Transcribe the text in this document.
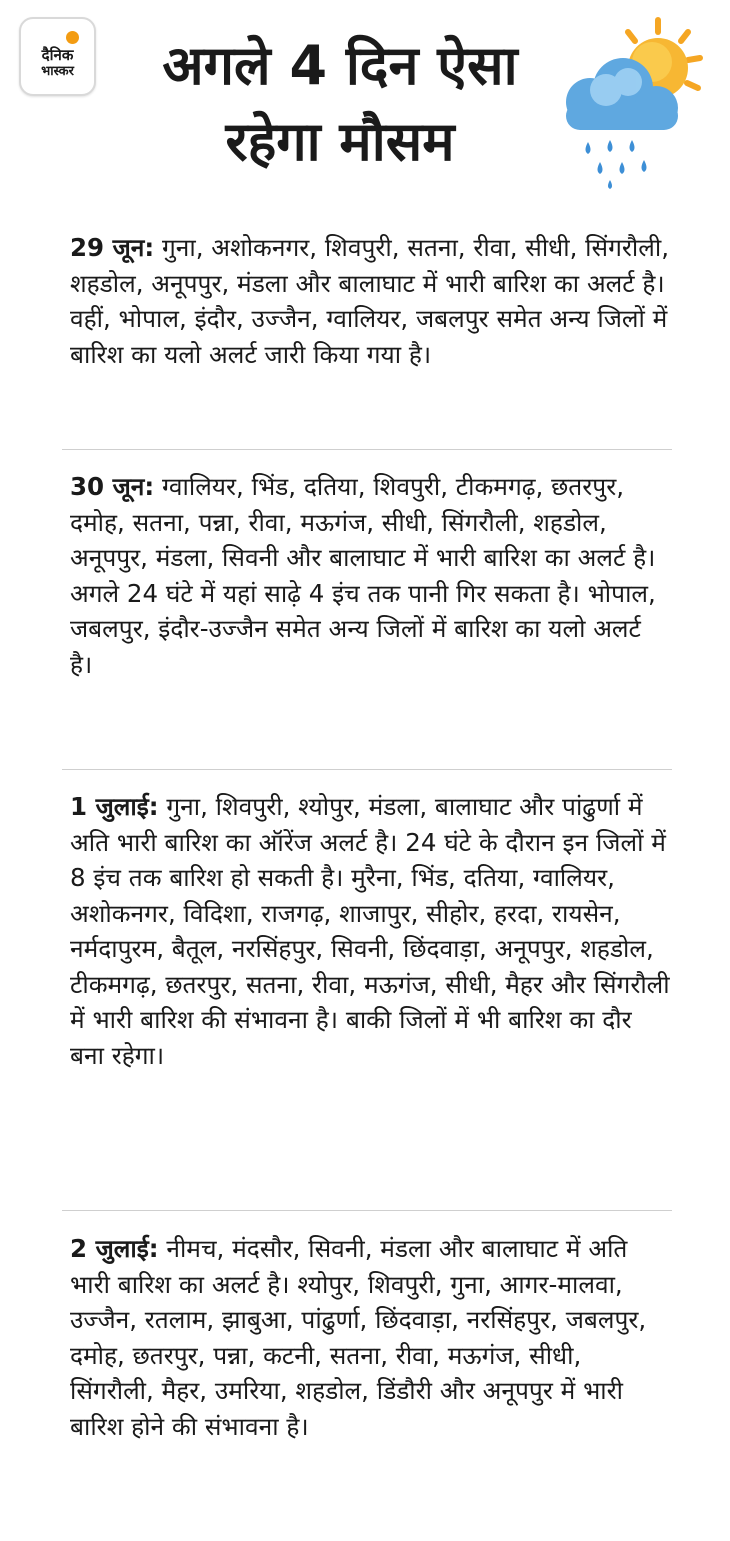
दैनिक
भास्कर	अगले 4 दिन ऐसा रहेगा मौसम

29 जून: गुना, अशोकनगर, शिवपुरी, सतना, रीवा, सीधी, सिंगरौली, शहडोल, अनूपपुर, मंडला और बालाघाट में भारी बारिश का अलर्ट है। वहीं, भोपाल, इंदौर, उज्जैन, ग्वालियर, जबलपुर समेत अन्य जिलों में बारिश का यलो अलर्ट जारी किया गया है।

30 जून: ग्वालियर, भिंड, दतिया, शिवपुरी, टीकमगढ़, छतरपुर, दमोह, सतना, पन्ना, रीवा, मऊगंज, सीधी, सिंगरौली, शहडोल, अनूपपुर, मंडला, सिवनी और बालाघाट में भारी बारिश का अलर्ट है। अगले 24 घंटे में यहां साढ़े 4 इंच तक पानी गिर सकता है। भोपाल, जबलपुर, इंदौर-उज्जैन समेत अन्य जिलों में बारिश का यलो अलर्ट है।

1 जुलाई: गुना, शिवपुरी, श्योपुर, मंडला, बालाघाट और पांढुर्णा में अति भारी बारिश का ऑरेंज अलर्ट है। 24 घंटे के दौरान इन जिलों में 8 इंच तक बारिश हो सकती है। मुरैना, भिंड, दतिया, ग्वालियर, अशोकनगर, विदिशा, राजगढ़, शाजापुर, सीहोर, हरदा, रायसेन, नर्मदापुरम, बैतूल, नरसिंहपुर, सिवनी, छिंदवाड़ा, अनूपपुर, शहडोल, टीकमगढ़, छतरपुर, सतना, रीवा, मऊगंज, सीधी, मैहर और सिंगरौली में भारी बारिश की संभावना है। बाकी जिलों में भी बारिश का दौर बना रहेगा।

2 जुलाई: नीमच, मंदसौर, सिवनी, मंडला और बालाघाट में अति भारी बारिश का अलर्ट है। श्योपुर, शिवपुरी, गुना, आगर-मालवा, उज्जैन, रतलाम, झाबुआ, पांढुर्णा, छिंदवाड़ा, नरसिंहपुर, जबलपुर, दमोह, छतरपुर, पन्ना, कटनी, सतना, रीवा, मऊगंज, सीधी, सिंगरौली, मैहर, उमरिया, शहडोल, डिंडौरी और अनूपपुर में भारी बारिश होने की संभावना है।
